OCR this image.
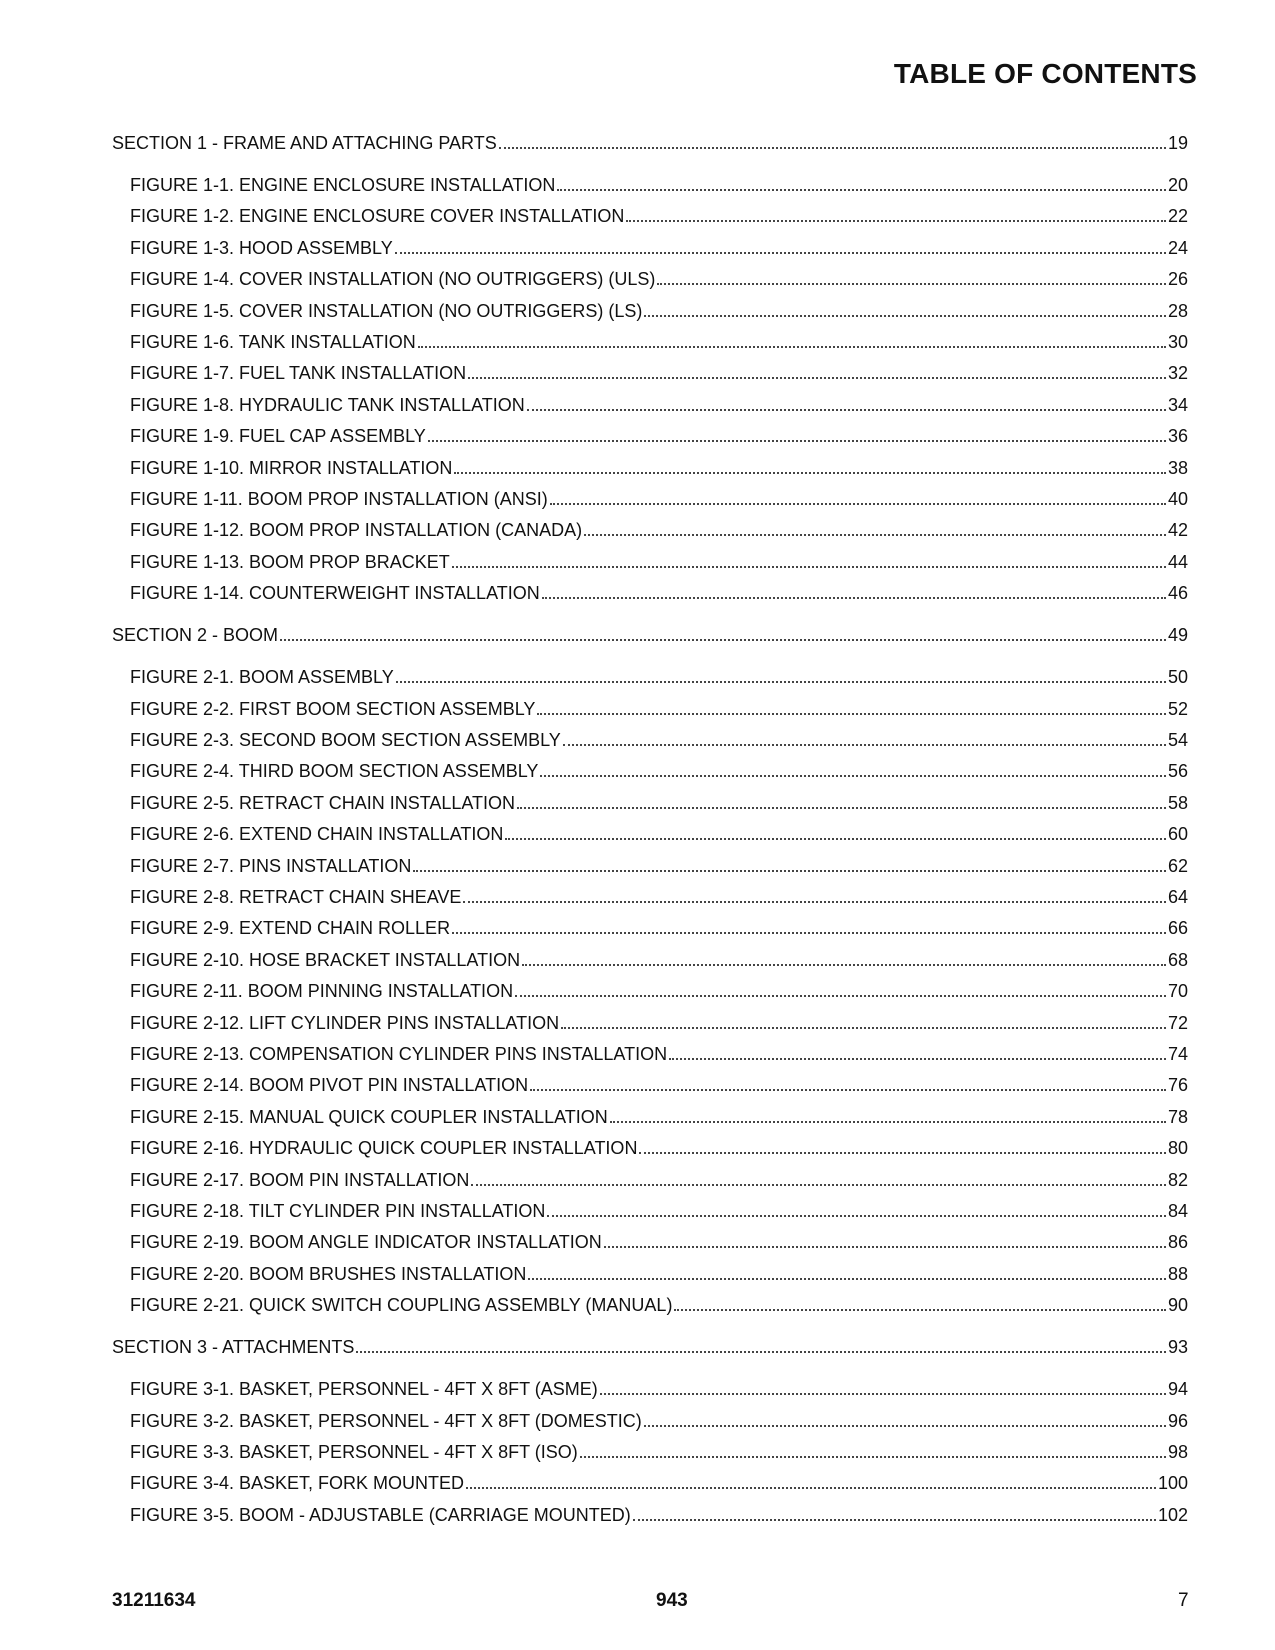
TABLE OF CONTENTS
SECTION 1 - FRAME AND ATTACHING PARTS	19
FIGURE 1-1. ENGINE ENCLOSURE INSTALLATION	20
FIGURE 1-2. ENGINE ENCLOSURE COVER INSTALLATION	22
FIGURE 1-3. HOOD ASSEMBLY	24
FIGURE 1-4. COVER INSTALLATION (NO OUTRIGGERS) (ULS)	26
FIGURE 1-5. COVER INSTALLATION (NO OUTRIGGERS) (LS)	28
FIGURE 1-6. TANK INSTALLATION	30
FIGURE 1-7. FUEL TANK INSTALLATION	32
FIGURE 1-8. HYDRAULIC TANK INSTALLATION	34
FIGURE 1-9. FUEL CAP ASSEMBLY	36
FIGURE 1-10. MIRROR INSTALLATION	38
FIGURE 1-11. BOOM PROP INSTALLATION (ANSI)	40
FIGURE 1-12. BOOM PROP INSTALLATION (CANADA)	42
FIGURE 1-13. BOOM PROP BRACKET	44
FIGURE 1-14. COUNTERWEIGHT INSTALLATION	46
SECTION 2 - BOOM	49
FIGURE 2-1. BOOM ASSEMBLY	50
FIGURE 2-2. FIRST BOOM SECTION ASSEMBLY	52
FIGURE 2-3. SECOND BOOM SECTION ASSEMBLY	54
FIGURE 2-4. THIRD BOOM SECTION ASSEMBLY	56
FIGURE 2-5. RETRACT CHAIN INSTALLATION	58
FIGURE 2-6. EXTEND CHAIN INSTALLATION	60
FIGURE 2-7. PINS INSTALLATION	62
FIGURE 2-8. RETRACT CHAIN SHEAVE	64
FIGURE 2-9. EXTEND CHAIN ROLLER	66
FIGURE 2-10. HOSE BRACKET INSTALLATION	68
FIGURE 2-11. BOOM PINNING INSTALLATION	70
FIGURE 2-12. LIFT CYLINDER PINS INSTALLATION	72
FIGURE 2-13. COMPENSATION CYLINDER PINS INSTALLATION	74
FIGURE 2-14. BOOM PIVOT PIN INSTALLATION	76
FIGURE 2-15. MANUAL QUICK COUPLER INSTALLATION	78
FIGURE 2-16. HYDRAULIC QUICK COUPLER INSTALLATION	80
FIGURE 2-17. BOOM PIN INSTALLATION	82
FIGURE 2-18. TILT CYLINDER PIN INSTALLATION	84
FIGURE 2-19. BOOM ANGLE INDICATOR INSTALLATION	86
FIGURE 2-20. BOOM BRUSHES INSTALLATION	88
FIGURE 2-21. QUICK SWITCH COUPLING ASSEMBLY (MANUAL)	90
SECTION 3 - ATTACHMENTS	93
FIGURE 3-1. BASKET, PERSONNEL - 4FT X 8FT (ASME)	94
FIGURE 3-2. BASKET, PERSONNEL - 4FT X 8FT (DOMESTIC)	96
FIGURE 3-3. BASKET, PERSONNEL - 4FT X 8FT (ISO)	98
FIGURE 3-4. BASKET, FORK MOUNTED	100
FIGURE 3-5. BOOM - ADJUSTABLE (CARRIAGE MOUNTED)	102
31211634	943	7
